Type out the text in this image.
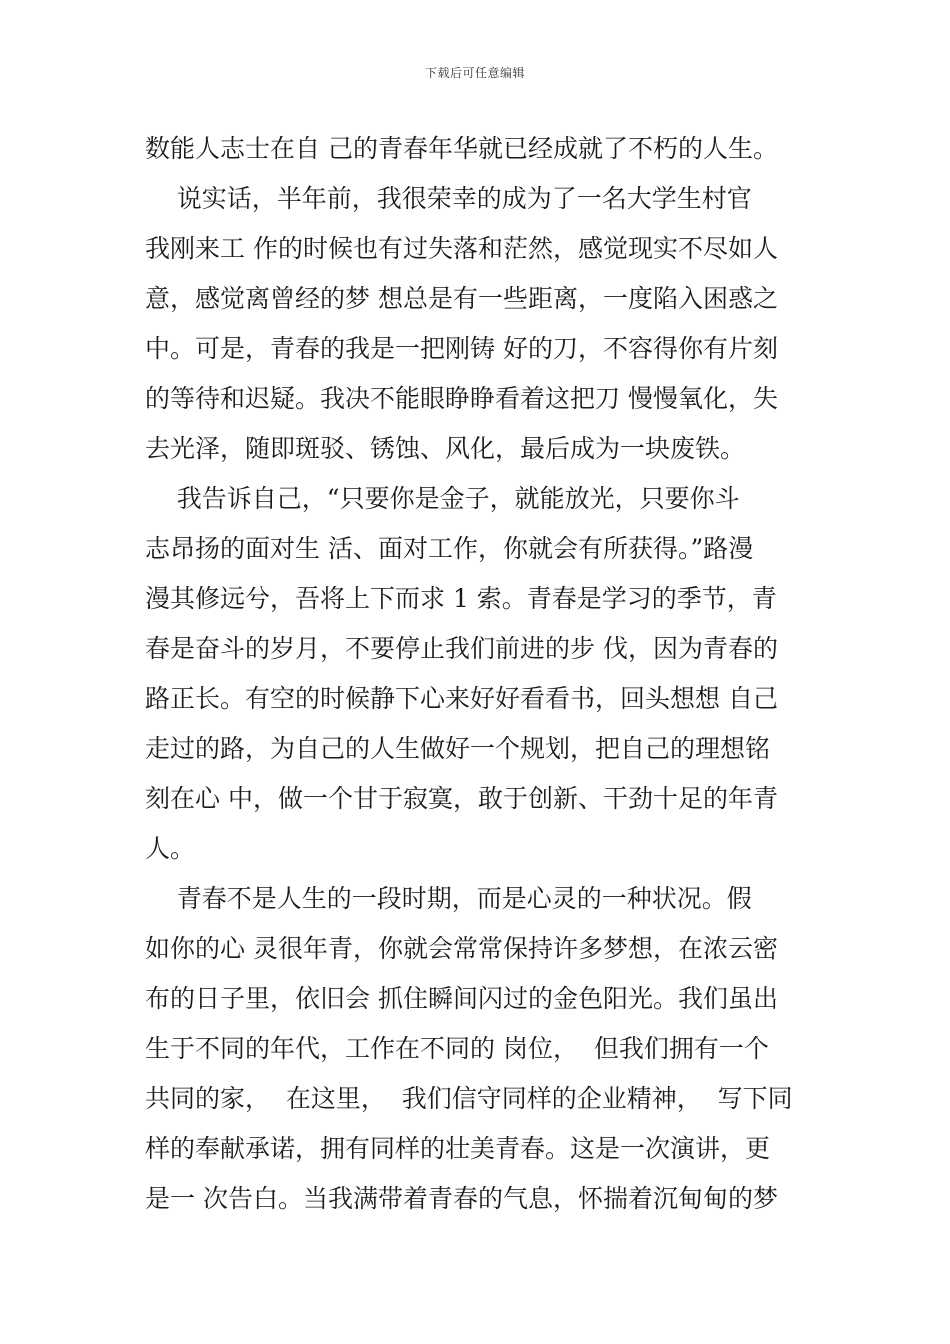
下载后可任意编辑
数能人志士在自 己的青春年华就已经成就了不朽的人生。
说实话，半年前，我很荣幸的成为了一名大学生村官
我刚来工 作的时候也有过失落和茫然，感觉现实不尽如人
意，感觉离曾经的梦 想总是有一些距离，一度陷入困惑之
中。可是，青春的我是一把刚铸 好的刀，不容得你有片刻
的等待和迟疑。我决不能眼睁睁看着这把刀 慢慢氧化，失
去光泽，随即斑驳、锈蚀、风化，最后成为一块废铁。
我告诉自己，“只要你是金子，就能放光，只要你斗
志昂扬的面对生 活、面对工作，你就会有所获得。”路漫
漫其修远兮，吾将上下而求 1 索。青春是学习的季节，青
春是奋斗的岁月，不要停止我们前进的步 伐，因为青春的
路正长。有空的时候静下心来好好看看书，回头想想 自己
走过的路，为自己的人生做好一个规划，把自己的理想铭
刻在心 中，做一个甘于寂寞，敢于创新、干劲十足的年青
人。
青春不是人生的一段时期，而是心灵的一种状况。假
如你的心 灵很年青，你就会常常保持许多梦想，在浓云密
布的日子里，依旧会 抓住瞬间闪过的金色阳光。我们虽出
生于不同的年代，工作在不同的 岗位，  但我们拥有一个
共同的家，  在这里，  我们信守同样的企业精神，  写下同
样的奉献承诺，拥有同样的壮美青春。这是一次演讲，更
是一 次告白。当我满带着青春的气息，怀揣着沉甸甸的梦
